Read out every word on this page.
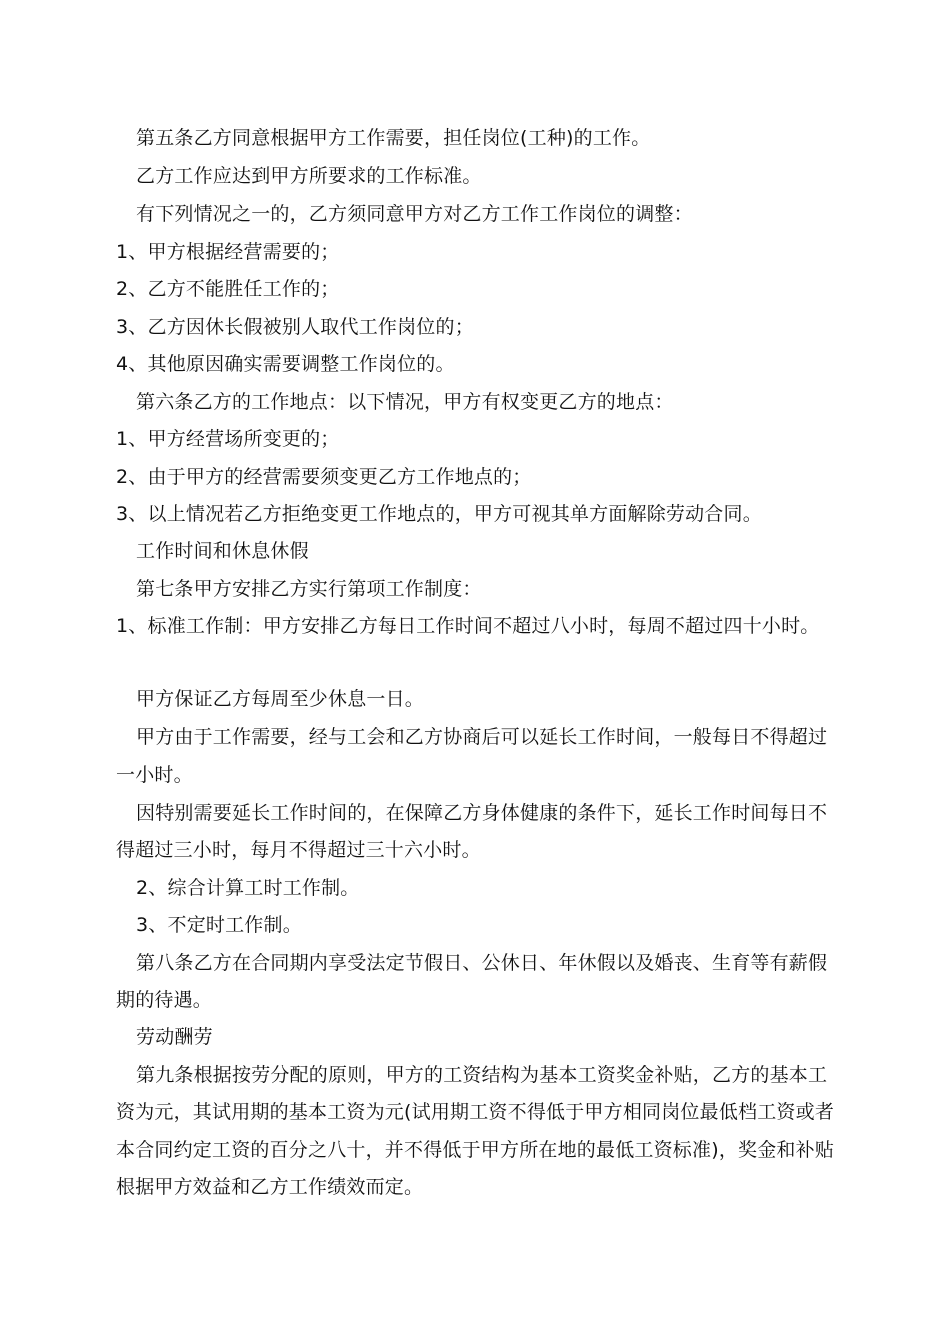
第五条乙方同意根据甲方工作需要，担任岗位(工种)的工作。
乙方工作应达到甲方所要求的工作标准。
有下列情况之一的，乙方须同意甲方对乙方工作工作岗位的调整：
1、甲方根据经营需要的；
2、乙方不能胜任工作的；
3、乙方因休长假被别人取代工作岗位的；
4、其他原因确实需要调整工作岗位的。
第六条乙方的工作地点：以下情况，甲方有权变更乙方的地点：
1、甲方经营场所变更的；
2、由于甲方的经营需要须变更乙方工作地点的；
3、以上情况若乙方拒绝变更工作地点的，甲方可视其单方面解除劳动合同。
工作时间和休息休假
第七条甲方安排乙方实行第项工作制度：
1、标准工作制：甲方安排乙方每日工作时间不超过八小时，每周不超过四十小时。
甲方保证乙方每周至少休息一日。
甲方由于工作需要，经与工会和乙方协商后可以延长工作时间，一般每日不得超过
一小时。
因特别需要延长工作时间的，在保障乙方身体健康的条件下，延长工作时间每日不
得超过三小时，每月不得超过三十六小时。
2、综合计算工时工作制。
3、不定时工作制。
第八条乙方在合同期内享受法定节假日、公休日、年休假以及婚丧、生育等有薪假
期的待遇。
劳动酬劳
第九条根据按劳分配的原则，甲方的工资结构为基本工资奖金补贴，乙方的基本工
资为元，其试用期的基本工资为元(试用期工资不得低于甲方相同岗位最低档工资或者
本合同约定工资的百分之八十，并不得低于甲方所在地的最低工资标准)，奖金和补贴
根据甲方效益和乙方工作绩效而定。
